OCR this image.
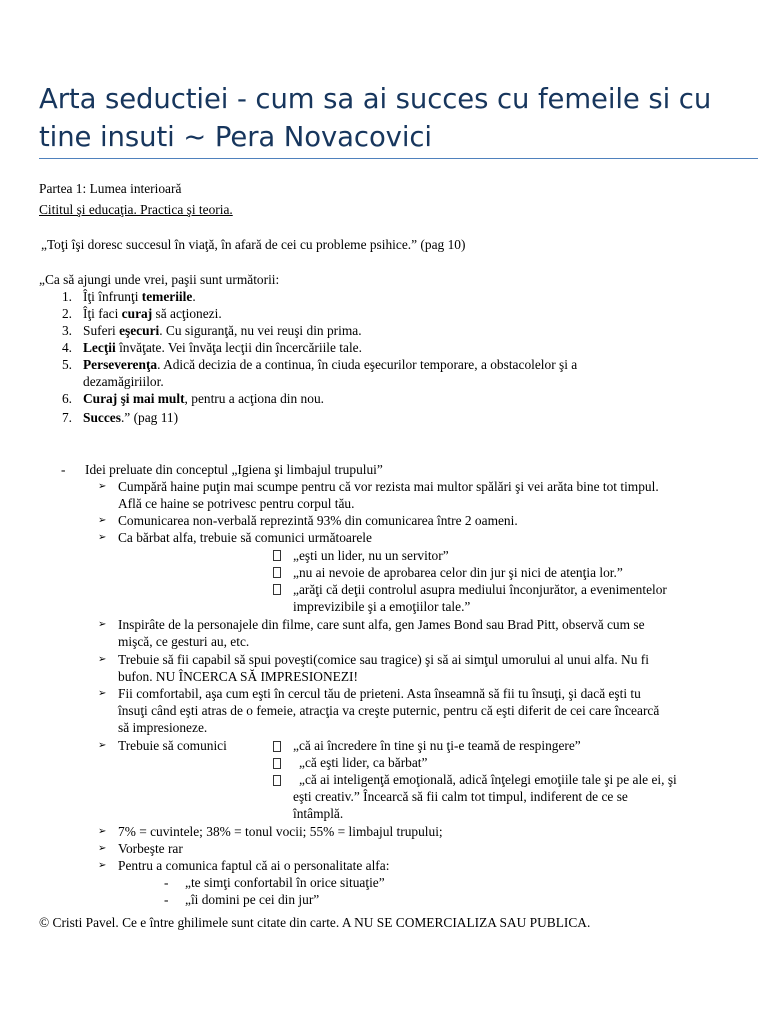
Arta seductiei - cum sa ai succes cu femeile si cu tine insuti ~ Pera Novacovici
Partea 1: Lumea interioară
Cititul şi educaţia. Practica şi teoria.
„Toţi îşi doresc succesul în viaţă, în afară de cei cu probleme psihice.” (pag 10)
„Ca să ajungi unde vrei, paşii sunt următorii:
1. Îţi înfrunţi temeriile.
2. Îţi faci curaj să acţionezi.
3. Suferi eşecuri. Cu siguranţă, nu vei reuşi din prima.
4. Lecţii învăţate. Vei învăţa lecţii din încercăriile tale.
5. Perseverenţa. Adică decizia de a continua, în ciuda eşecurilor temporare, a obstacolelor şi a
dezamăgiriilor.
6. Curaj şi mai mult, pentru a acţiona din nou.
7. Succes.” (pag 11)
- Idei preluate din conceptul „Igiena şi limbajul trupului”
➢ Cumpără haine puţin mai scumpe pentru că vor rezista mai multor spălări şi vei arăta bine tot timpul.
Află ce haine se potrivesc pentru corpul tău.
➢ Comunicarea non-verbală reprezintă 93% din comunicarea între 2 oameni.
➢ Ca bărbat alfa, trebuie să comunici următoarele
„eşti un lider, nu un servitor”
„nu ai nevoie de aprobarea celor din jur şi nici de atenţia lor.”
„arăţi că deţii controlul asupra mediului înconjurător, a evenimentelor
imprevizibile şi a emoţiilor tale.”
➢ Inspirâte de la personajele din filme, care sunt alfa, gen James Bond sau Brad Pitt, observă cum se
mişcă, ce gesturi au, etc.
➢ Trebuie să fii capabil să spui poveşti(comice sau tragice) şi să ai simţul umorului al unui alfa. Nu fi
bufon. NU ÎNCERCA SĂ IMPRESIONEZI!
➢ Fii comfortabil, aşa cum eşti în cercul tău de prieteni. Asta înseamnă să fii tu însuţi, şi dacă eşti tu
însuţi când eşti atras de o femeie, atracţia va creşte puternic, pentru că eşti diferit de cei care încearcă
să impresioneze.
➢ Trebuie să comunici	„că ai încredere în tine şi nu ţi-e teamă de respingere”
„că eşti lider, ca bărbat”
„că ai inteligenţă emoţională, adică înţelegi emoţiile tale şi pe ale ei, şi
eşti creativ.” Încearcă să fii calm tot timpul, indiferent de ce se
întâmplă.
➢ 7% = cuvintele; 38% = tonul vocii; 55% = limbajul trupului;
➢ Vorbeşte rar
➢ Pentru a comunica faptul că ai o personalitate alfa:
- „te simţi confortabil în orice situaţie”
- „îi domini pe cei din jur”
© Cristi Pavel. Ce e între ghilimele sunt citate din carte. A NU SE COMERCIALIZA SAU PUBLICA.
